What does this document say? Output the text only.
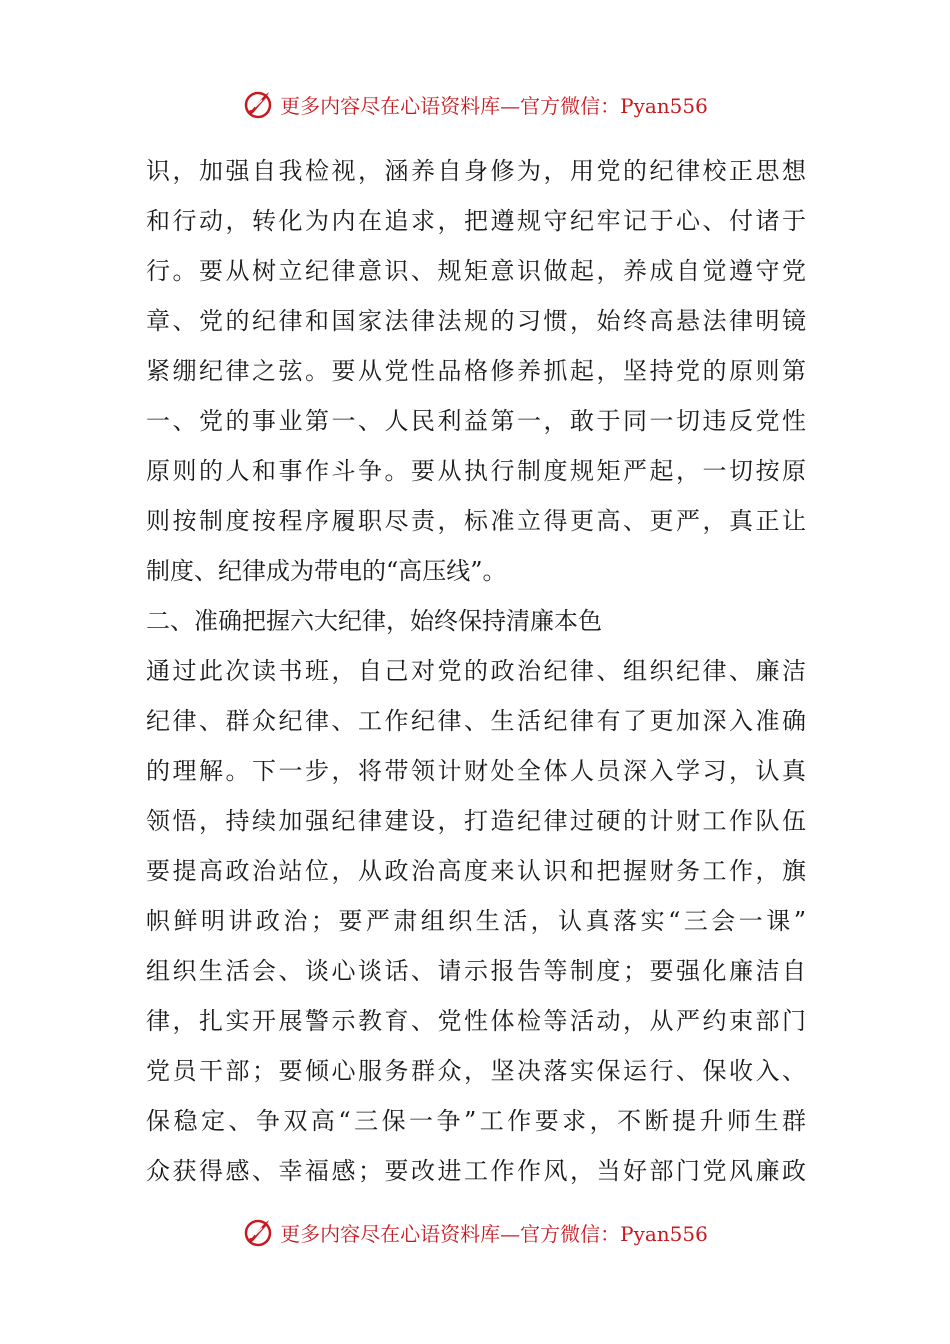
更多内容尽在心语资料库—官方微信：Pyan556
识，加强自我检视，涵养自身修为，用党的纪律校正思想
和行动，转化为内在追求，把遵规守纪牢记于心、付诸于
行。要从树立纪律意识、规矩意识做起，养成自觉遵守党
章、党的纪律和国家法律法规的习惯，始终高悬法律明镜
紧绷纪律之弦。要从党性品格修养抓起，坚持党的原则第
一、党的事业第一、人民利益第一，敢于同一切违反党性
原则的人和事作斗争。要从执行制度规矩严起，一切按原
则按制度按程序履职尽责，标准立得更高、更严，真正让
制度、纪律成为带电的“高压线”。
二、准确把握六大纪律，始终保持清廉本色
通过此次读书班，自己对党的政治纪律、组织纪律、廉洁
纪律、群众纪律、工作纪律、生活纪律有了更加深入准确
的理解。下一步，将带领计财处全体人员深入学习，认真
领悟，持续加强纪律建设，打造纪律过硬的计财工作队伍
要提高政治站位，从政治高度来认识和把握财务工作，旗
帜鲜明讲政治；要严肃组织生活，认真落实“三会一课”
组织生活会、谈心谈话、请示报告等制度；要强化廉洁自
律，扎实开展警示教育、党性体检等活动，从严约束部门
党员干部；要倾心服务群众，坚决落实保运行、保收入、
保稳定、争双高“三保一争”工作要求，不断提升师生群
众获得感、幸福感；要改进工作作风，当好部门党风廉政
更多内容尽在心语资料库—官方微信：Pyan556
